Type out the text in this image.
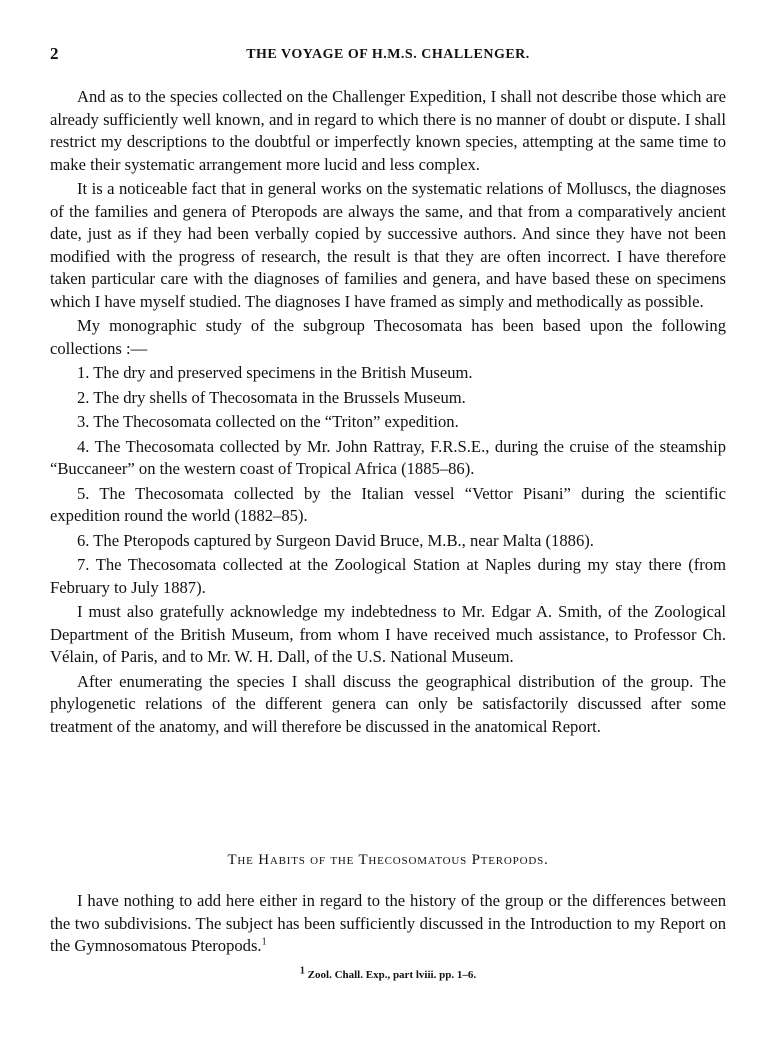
2	THE VOYAGE OF H.M.S. CHALLENGER.

And as to the species collected on the Challenger Expedition, I shall not describe those which are already sufficiently well known, and in regard to which there is no manner of doubt or dispute. I shall restrict my descriptions to the doubtful or imperfectly known species, attempting at the same time to make their systematic arrangement more lucid and less complex.

It is a noticeable fact that in general works on the systematic relations of Molluscs, the diagnoses of the families and genera of Pteropods are always the same, and that from a comparatively ancient date, just as if they had been verbally copied by successive authors. And since they have not been modified with the progress of research, the result is that they are often incorrect. I have therefore taken particular care with the diagnoses of families and genera, and have based these on specimens which I have myself studied. The diagnoses I have framed as simply and methodically as possible.

My monographic study of the subgroup Thecosomata has been based upon the following collections :—

1. The dry and preserved specimens in the British Museum.

2. The dry shells of Thecosomata in the Brussels Museum.

3. The Thecosomata collected on the “Triton” expedition.

4. The Thecosomata collected by Mr. John Rattray, F.R.S.E., during the cruise of the steamship “Buccaneer” on the western coast of Tropical Africa (1885–86).

5. The Thecosomata collected by the Italian vessel “Vettor Pisani” during the scientific expedition round the world (1882–85).

6. The Pteropods captured by Surgeon David Bruce, M.B., near Malta (1886).

7. The Thecosomata collected at the Zoological Station at Naples during my stay there (from February to July 1887).

I must also gratefully acknowledge my indebtedness to Mr. Edgar A. Smith, of the Zoological Department of the British Museum, from whom I have received much assistance, to Professor Ch. Vélain, of Paris, and to Mr. W. H. Dall, of the U.S. National Museum.

After enumerating the species I shall discuss the geographical distribution of the group. The phylogenetic relations of the different genera can only be satisfactorily discussed after some treatment of the anatomy, and will therefore be discussed in the anatomical Report.

The Habits of the Thecosomatous Pteropods.

I have nothing to add here either in regard to the history of the group or the differences between the two subdivisions. The subject has been sufficiently discussed in the Introduction to my Report on the Gymnosomatous Pteropods.$^1$

$^1$ Zool. Chall. Exp., part lviii. pp. 1–6.
